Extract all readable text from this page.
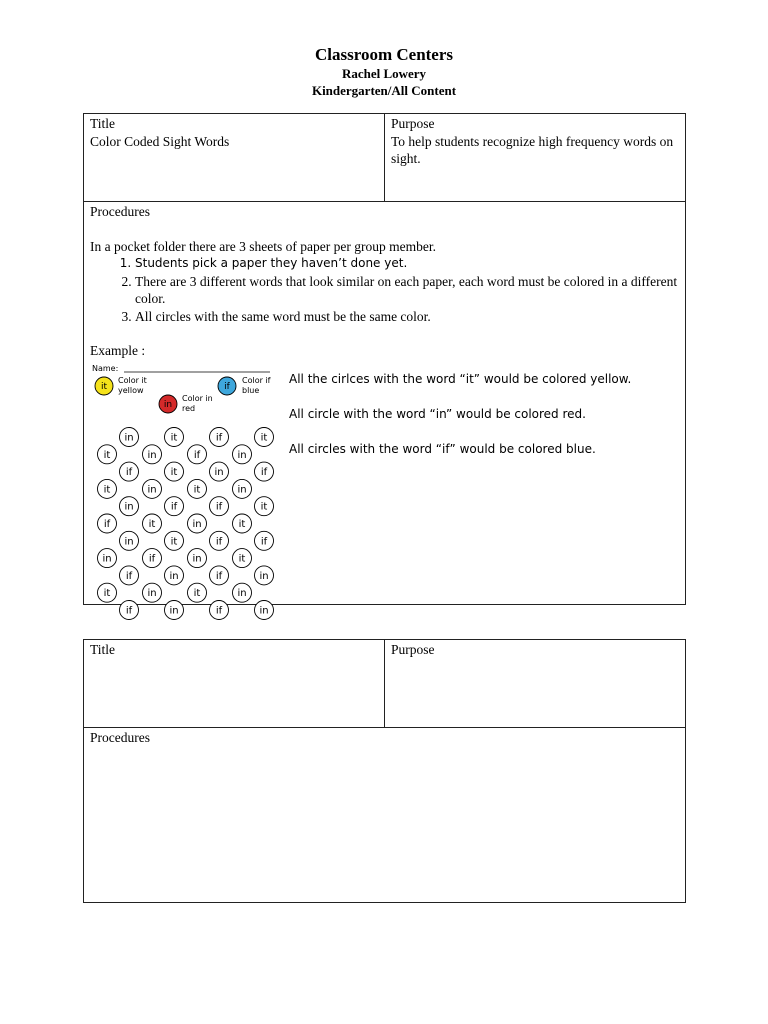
Classroom Centers
Rachel Lowery
Kindergarten/All Content
Title
Color Coded Sight Words

Purpose
To help students recognize high frequency words on sight.

Procedures
In a pocket folder there are 3 sheets of paper per group member.
1. Students pick a paper they haven’t done yet.
2. There are 3 different words that look similar on each paper, each word must be colored in a different color.
3. All circles with the same word must be the same color.
Example :
Name:
it
Color it
yellow
in
Color in
red
if
Color if
blue
in	it	if	it
it	in	if	in
if	it	in	if
it	in	it	in
in	if	if	it
if	it	in	it
in	it	if	if
in	if	in	it
if	in	if	in
it	in	it	in
if	in	if	in

All the cirlces with the word “it” would be colored yellow.

All circle with the word “in” would be colored red.

All circles with the word “if” would be colored blue.

Title	Purpose

Procedures
